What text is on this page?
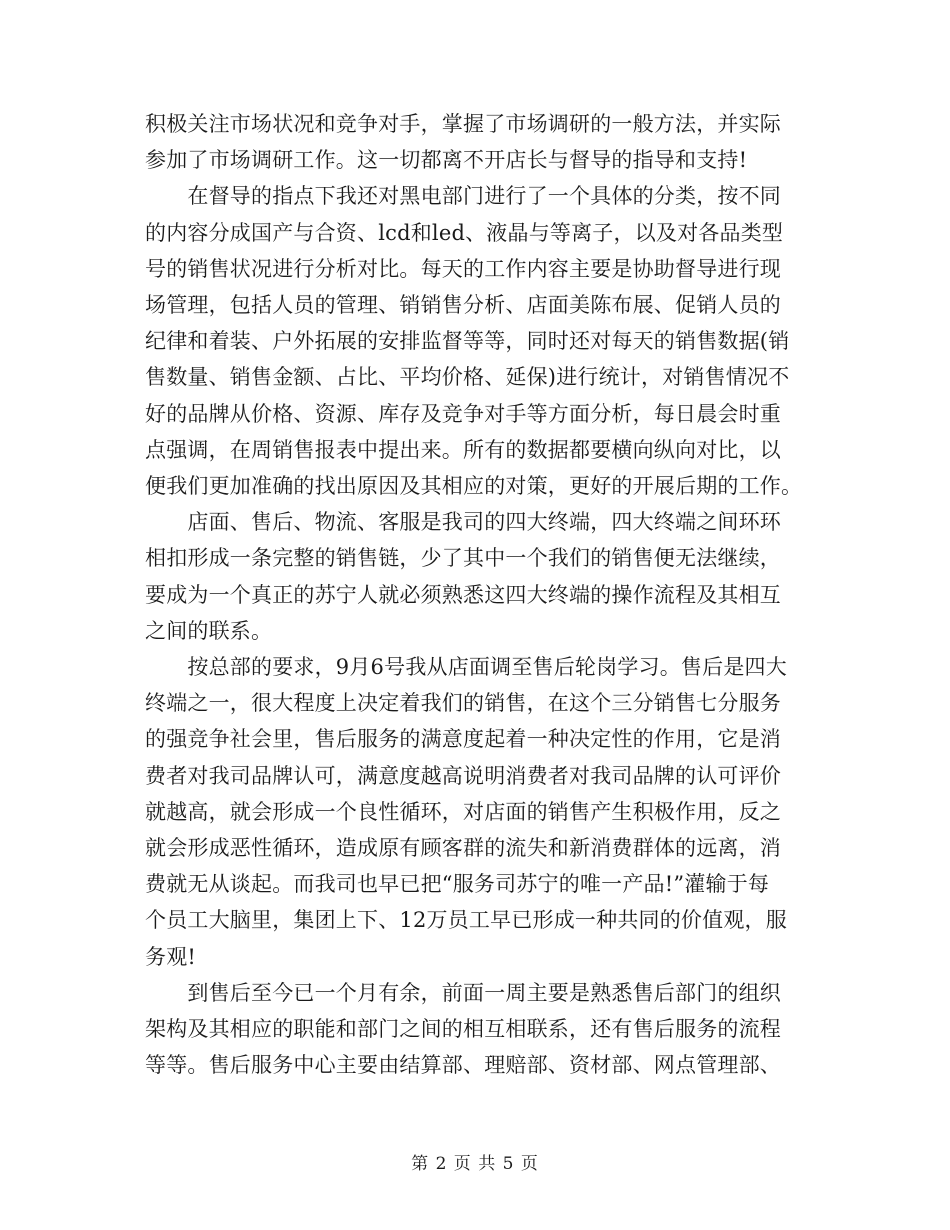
积极关注市场状况和竞争对手，掌握了市场调研的一般方法，并实际
参加了市场调研工作。这一切都离不开店长与督导的指导和支持!
　　在督导的指点下我还对黑电部门进行了一个具体的分类，按不同
的内容分成国产与合资、lcd和led、液晶与等离子，以及对各品类型
号的销售状况进行分析对比。每天的工作内容主要是协助督导进行现
场管理，包括人员的管理、销销售分析、店面美陈布展、促销人员的
纪律和着装、户外拓展的安排监督等等，同时还对每天的销售数据(销
售数量、销售金额、占比、平均价格、延保)进行统计，对销售情况不
好的品牌从价格、资源、库存及竞争对手等方面分析，每日晨会时重
点强调，在周销售报表中提出来。所有的数据都要横向纵向对比，以
便我们更加准确的找出原因及其相应的对策，更好的开展后期的工作。
　　店面、售后、物流、客服是我司的四大终端，四大终端之间环环
相扣形成一条完整的销售链，少了其中一个我们的销售便无法继续，
要成为一个真正的苏宁人就必须熟悉这四大终端的操作流程及其相互
之间的联系。
　　按总部的要求，9月6号我从店面调至售后轮岗学习。售后是四大
终端之一，很大程度上决定着我们的销售，在这个三分销售七分服务
的强竞争社会里，售后服务的满意度起着一种决定性的作用，它是消
费者对我司品牌认可，满意度越高说明消费者对我司品牌的认可评价
就越高，就会形成一个良性循环，对店面的销售产生积极作用，反之
就会形成恶性循环，造成原有顾客群的流失和新消费群体的远离，消
费就无从谈起。而我司也早已把“服务司苏宁的唯一产品!”灌输于每
个员工大脑里，集团上下、12万员工早已形成一种共同的价值观，服
务观!
　　到售后至今已一个月有余，前面一周主要是熟悉售后部门的组织
架构及其相应的职能和部门之间的相互相联系，还有售后服务的流程
等等。售后服务中心主要由结算部、理赔部、资材部、网点管理部、
第 2 页 共 5 页
